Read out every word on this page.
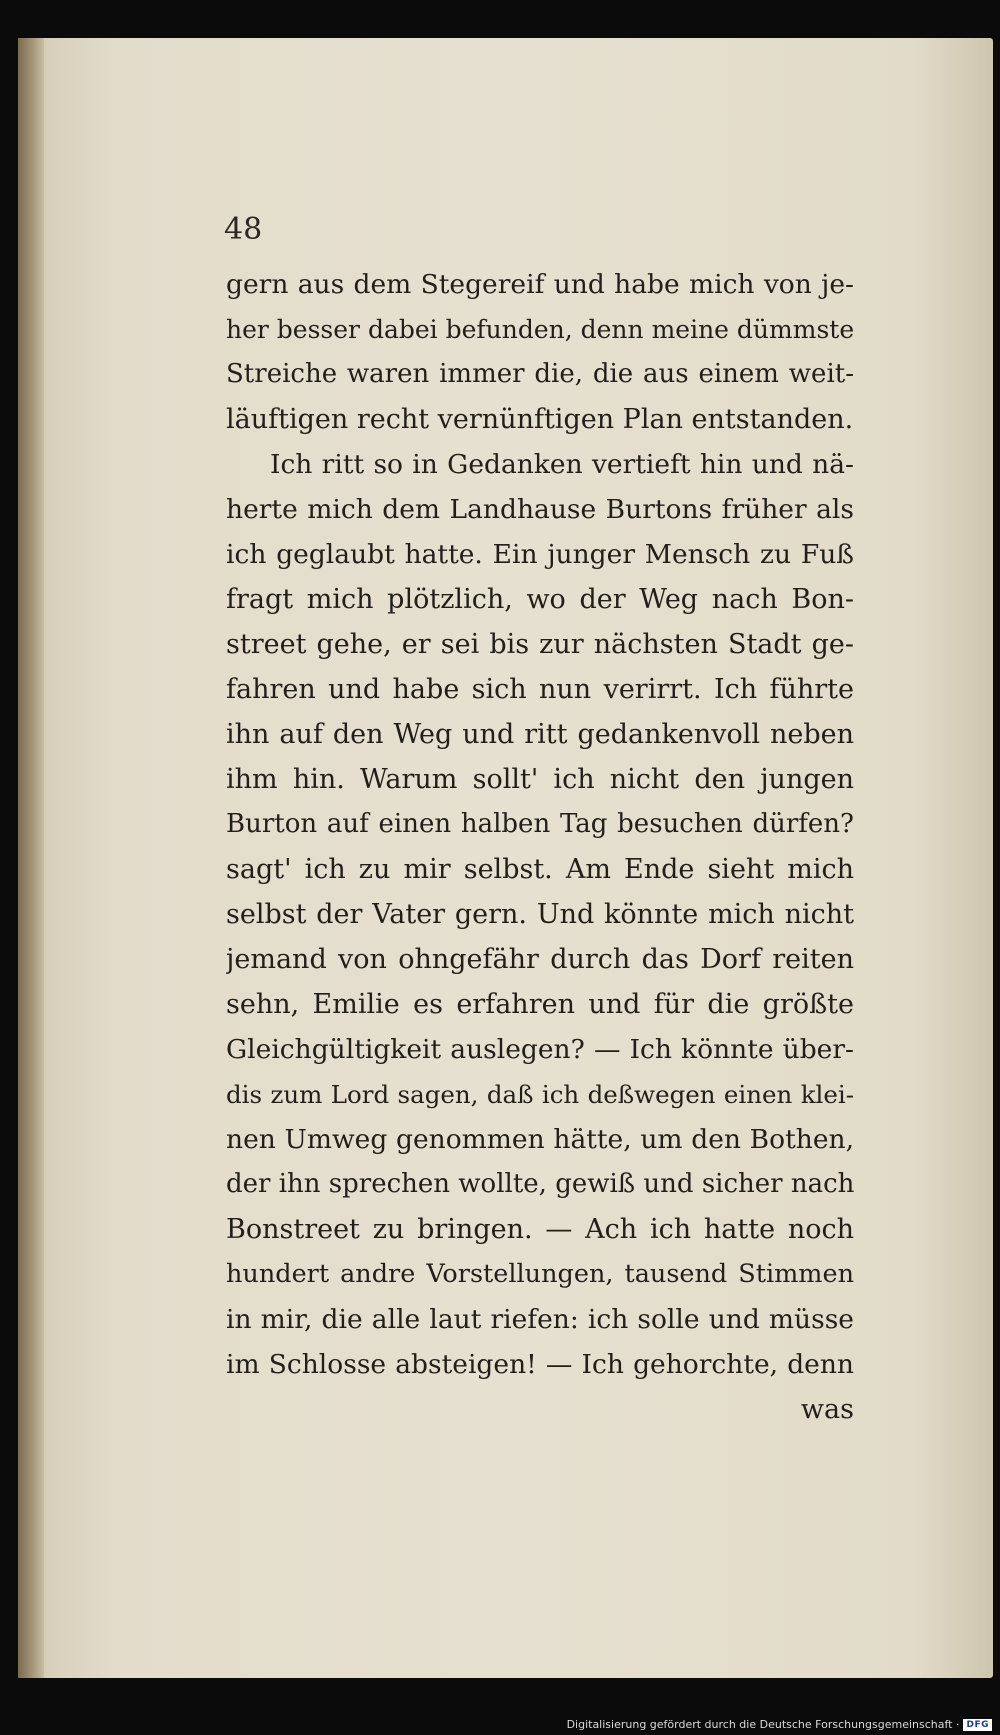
48
gern aus dem Stegereif und habe mich von je-
her besser dabei befunden, denn meine dümmste
Streiche waren immer die, die aus einem weit-
läuftigen recht vernünftigen Plan entstanden.
Ich ritt so in Gedanken vertieft hin und nä-
herte mich dem Landhause Burtons früher als
ich geglaubt hatte. Ein junger Mensch zu Fuß
fragt mich plötzlich, wo der Weg nach Bon-
street gehe, er sei bis zur nächsten Stadt ge-
fahren und habe sich nun verirrt. Ich führte
ihn auf den Weg und ritt gedankenvoll neben
ihm hin. Warum sollt' ich nicht den jungen
Burton auf einen halben Tag besuchen dürfen?
sagt' ich zu mir selbst. Am Ende sieht mich
selbst der Vater gern. Und könnte mich nicht
jemand von ohngefähr durch das Dorf reiten
sehn, Emilie es erfahren und für die größte
Gleichgültigkeit auslegen? — Ich könnte über-
dis zum Lord sagen, daß ich deßwegen einen klei-
nen Umweg genommen hätte, um den Bothen,
der ihn sprechen wollte, gewiß und sicher nach
Bonstreet zu bringen. — Ach ich hatte noch
hundert andre Vorstellungen, tausend Stimmen
in mir, die alle laut riefen: ich solle und müsse
im Schlosse absteigen! — Ich gehorchte, denn
was
Digitalisierung gefördert durch die Deutsche Forschungsgemeinschaft · DFG
